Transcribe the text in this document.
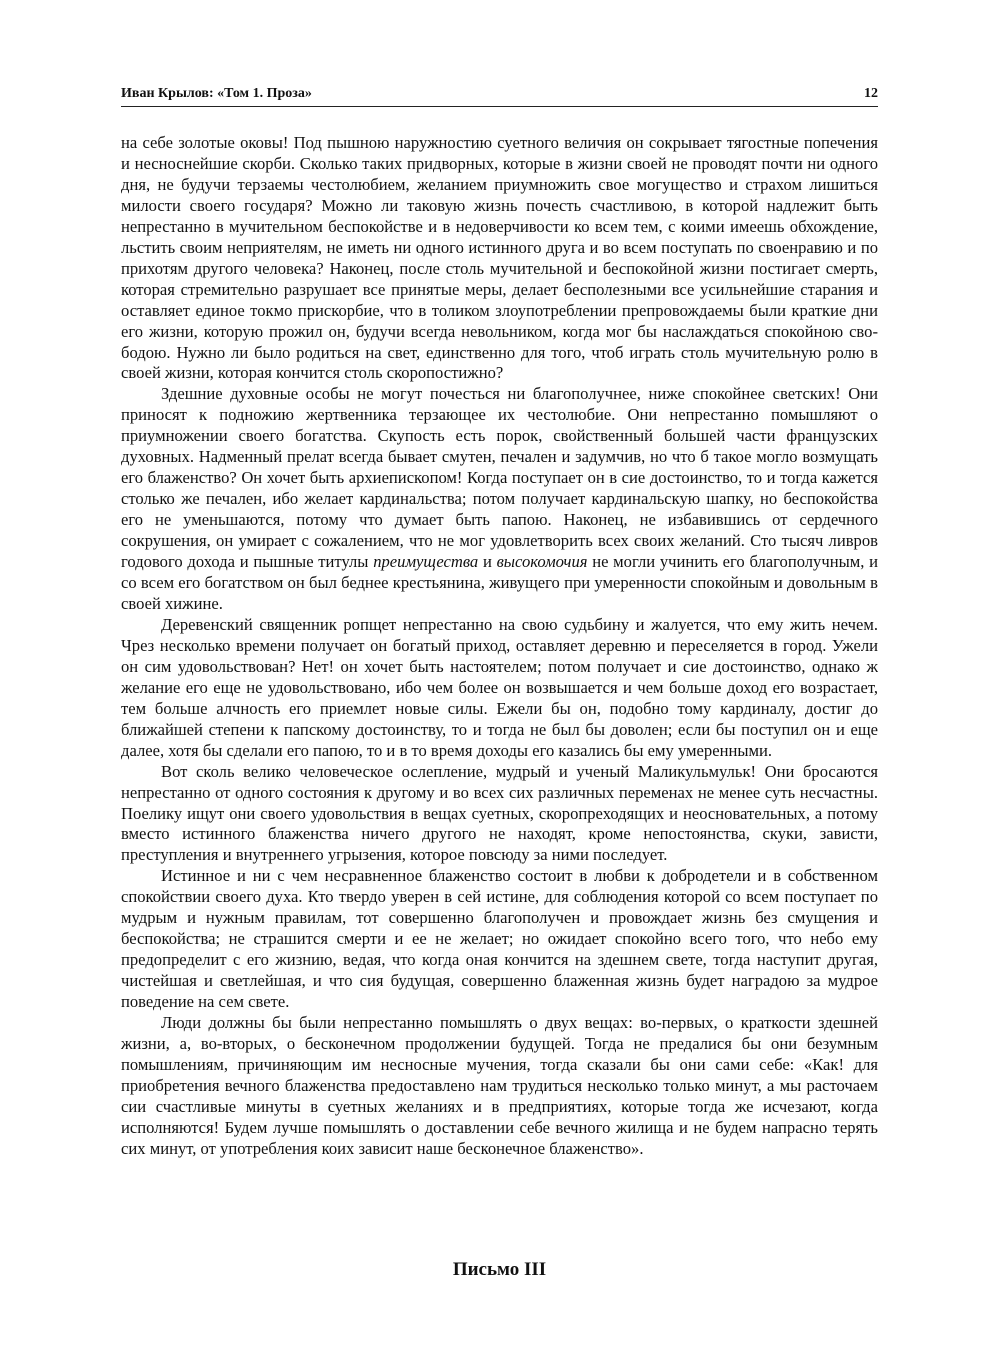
Иван Крылов: «Том 1. Проза»	12

на себе золотые оковы! Под пышною наружностию суетного величия он сокрывает тягостные попечения и несноснейшие скорби. Сколько таких придворных, которые в жизни своей не проводят почти ни одного дня, не будучи терзаемы честолюбием, желанием приумножить свое могущество и страхом лишиться милости своего государя? Можно ли таковую жизнь почесть счастливою, в которой надлежит быть непрестанно в мучительном беспокойстве и в недоверчивости ко всем тем, с коими имеешь обхождение, льстить своим неприятелям, не иметь ни одного истинного друга и во всем поступать по своенравию и по прихотям другого человека? Наконец, после столь мучительной и беспокойной жизни постигает смерть, которая стремительно разрушает все принятые меры, делает бесполезными все усильнейшие старания и оставляет единое токмо прискорбие, что в толиком злоупотреблении препровождаемы были краткие дни его жизни, которую прожил он, будучи всегда невольником, когда мог бы наслаждаться спокойною свободою. Нужно ли было родиться на свет, единственно для того, чтоб играть столь мучительную ролю в своей жизни, которая кончится столь скоропостижно?

Здешние духовные особы не могут почесться ни благополучнее, ниже спокойнее светских! Они приносят к подножию жертвенника терзающее их честолюбие. Они непрестанно помышляют о приумножении своего богатства. Скупость есть порок, свойственный большей части французских духовных. Надменный прелат всегда бывает смутен, печален и задумчив, но что б такое могло возмущать его блаженство? Он хочет быть архиепископом! Когда поступает он в сие достоинство, то и тогда кажется столько же печален, ибо желает кардинальства; потом получает кардинальскую шапку, но беспокойства его не уменьшаются, потому что думает быть папою. Наконец, не избавившись от сердечного сокрушения, он умирает с сожалением, что не мог удовлетворить всех своих желаний. Сто тысяч ливров годового дохода и пышные титулы преимущества и высокомочия не могли учинить его благополучным, и со всем его богатством он был беднее крестьянина, живущего при умеренности спокойным и довольным в своей хижине.

Деревенский священник ропщет непрестанно на свою судьбину и жалуется, что ему жить нечем. Чрез несколько времени получает он богатый приход, оставляет деревню и переселяется в город. Ужели он сим удовольствован? Нет! он хочет быть настоятелем; потом получает и сие достоинство, однако ж желание его еще не удовольствовано, ибо чем более он возвышается и чем больше доход его возрастает, тем больше алчность его приемлет новые силы. Ежели бы он, подобно тому кардиналу, достиг до ближайшей степени к папскому достоинству, то и тогда не был бы доволен; если бы поступил он и еще далее, хотя бы сделали его папою, то и в то время доходы его казались бы ему умеренными.

Вот сколь велико человеческое ослепление, мудрый и ученый Маликульмульк! Они бросаются непрестанно от одного состояния к другому и во всех сих различных переменах не менее суть несчастны. Поелику ищут они своего удовольствия в вещах суетных, скоропреходящих и неосновательных, а потому вместо истинного блаженства ничего другого не находят, кроме непостоянства, скуки, зависти, преступления и внутреннего угрызения, которое повсюду за ними последует.

Истинное и ни с чем несравненное блаженство состоит в любви к добродетели и в собственном спокойствии своего духа. Кто твердо уверен в сей истине, для соблюдения которой со всем поступает по мудрым и нужным правилам, тот совершенно благополучен и провождает жизнь без смущения и беспокойства; не страшится смерти и ее не желает; но ожидает спокойно всего того, что небо ему предопределит с его жизнию, ведая, что когда оная кончится на здешнем свете, тогда наступит другая, чистейшая и светлейшая, и что сия будущая, совершенно блаженная жизнь будет наградою за мудрое поведение на сем свете.

Люди должны бы были непрестанно помышлять о двух вещах: во-первых, о краткости здешней жизни, а, во-вторых, о бесконечном продолжении будущей. Тогда не предалися бы они безумным помышлениям, причиняющим им несносные мучения, тогда сказали бы они сами себе: «Как! для приобретения вечного блаженства предоставлено нам трудиться несколько только минут, а мы расточаем сии счастливые минуты в суетных желаниях и в предприятиях, которые тогда же исчезают, когда исполняются! Будем лучше помышлять о доставлении себе вечного жилища и не будем напрасно терять сих минут, от употребления коих зависит наше бесконечное блаженство».

Письмо III
